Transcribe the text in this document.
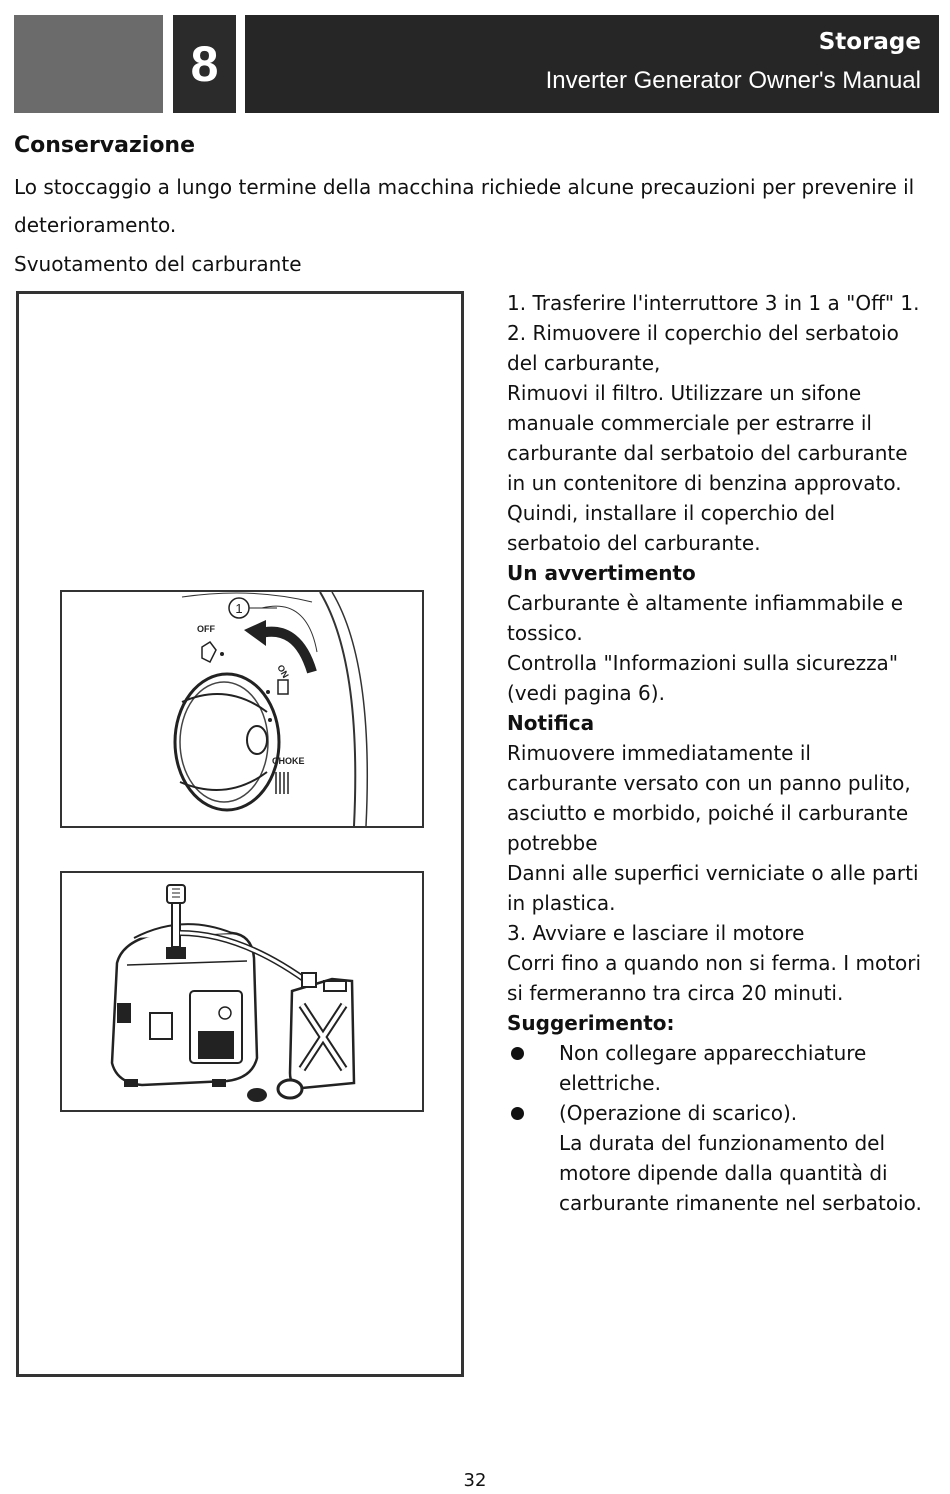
8	Storage
Inverter Generator Owner's Manual
Conservazione
Lo stoccaggio a lungo termine della macchina richiede alcune precauzioni per prevenire il deterioramento.
Svuotamento del carburante
1
OFF
ON
CHOKE

1. Trasferire l'interruttore 3 in 1 a "Off" 1.

2. Rimuovere il coperchio del serbatoio del carburante,

Rimuovi il filtro. Utilizzare un sifone manuale commerciale per estrarre il carburante dal serbatoio del carburante in un contenitore di benzina approvato. Quindi, installare il coperchio del serbatoio del carburante.

Un avvertimento

Carburante è altamente infiammabile e tossico.

Controlla "Informazioni sulla sicurezza"

(vedi pagina 6).

Notifica

Rimuovere immediatamente il carburante versato con un panno pulito, asciutto e morbido, poiché il carburante potrebbe

Danni alle superfici verniciate o alle parti in plastica.

3. Avviare e lasciare il motore

Corri fino a quando non si ferma. I motori si fermeranno tra circa 20 minuti.

Suggerimento:

Non collegare apparecchiature elettriche.
(Operazione di scarico).
La durata del funzionamento del motore dipende dalla quantità di carburante rimanente nel serbatoio.
32
